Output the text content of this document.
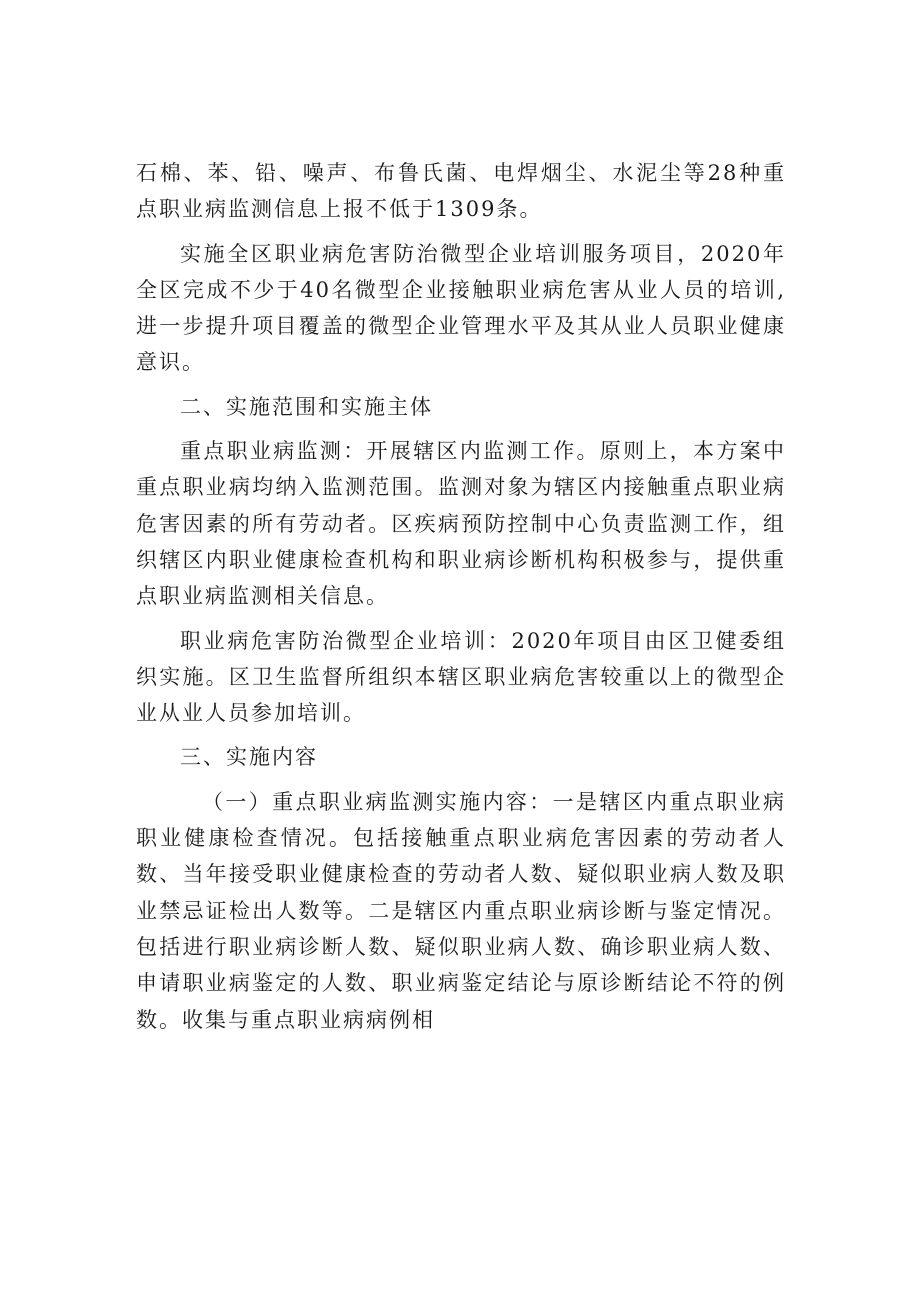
石棉、苯、铅、噪声、布鲁氏菌、电焊烟尘、水泥尘等28种重点职业病监测信息上报不低于1309条。

实施全区职业病危害防治微型企业培训服务项目，2020年全区完成不少于40名微型企业接触职业病危害从业人员的培训,进一步提升项目覆盖的微型企业管理水平及其从业人员职业健康意识。

二、实施范围和实施主体

重点职业病监测：开展辖区内监测工作。原则上，本方案中重点职业病均纳入监测范围。监测对象为辖区内接触重点职业病危害因素的所有劳动者。区疾病预防控制中心负责监测工作，组织辖区内职业健康检查机构和职业病诊断机构积极参与，提供重点职业病监测相关信息。

职业病危害防治微型企业培训：2020年项目由区卫健委组织实施。区卫生监督所组织本辖区职业病危害较重以上的微型企业从业人员参加培训。

三、实施内容

（一）重点职业病监测实施内容：一是辖区内重点职业病职业健康检查情况。包括接触重点职业病危害因素的劳动者人数、当年接受职业健康检查的劳动者人数、疑似职业病人数及职业禁忌证检出人数等。二是辖区内重点职业病诊断与鉴定情况。包括进行职业病诊断人数、疑似职业病人数、确诊职业病人数、申请职业病鉴定的人数、职业病鉴定结论与原诊断结论不符的例数。收集与重点职业病病例相
